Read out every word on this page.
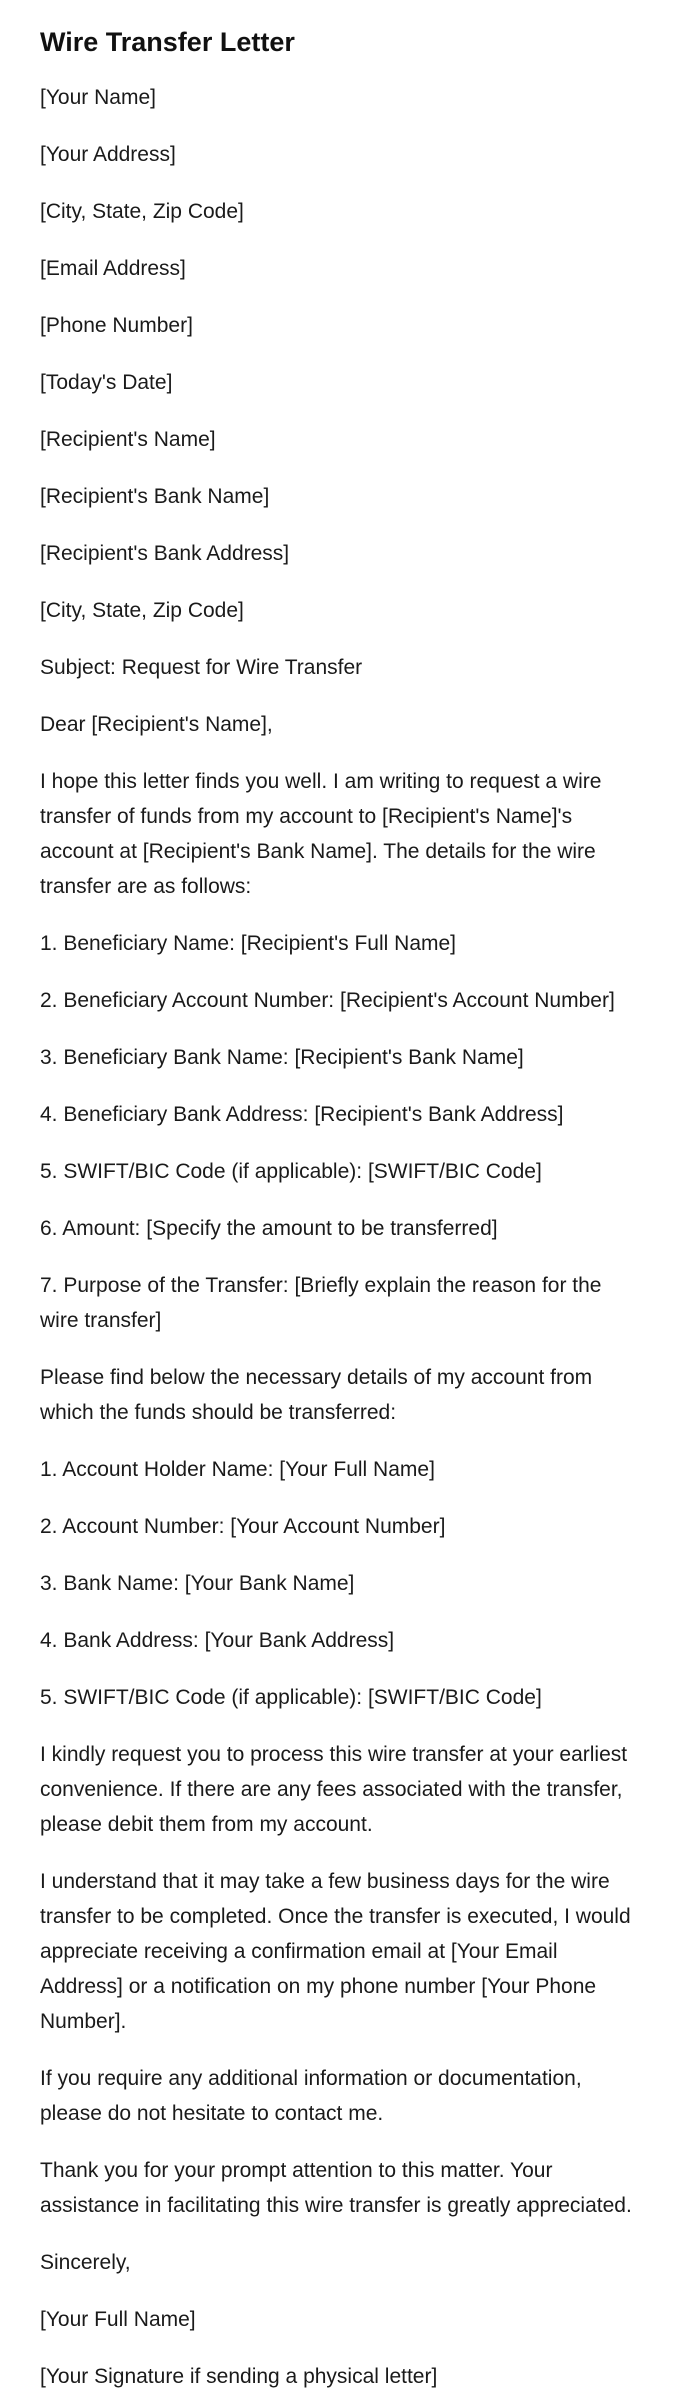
Wire Transfer Letter

[Your Name]

[Your Address]

[City, State, Zip Code]

[Email Address]

[Phone Number]

[Today's Date]

[Recipient's Name]

[Recipient's Bank Name]

[Recipient's Bank Address]

[City, State, Zip Code]

Subject: Request for Wire Transfer

Dear [Recipient's Name],

I hope this letter finds you well. I am writing to request a wire transfer of funds from my account to [Recipient's Name]'s account at [Recipient's Bank Name]. The details for the wire transfer are as follows:

1. Beneficiary Name: [Recipient's Full Name]

2. Beneficiary Account Number: [Recipient's Account Number]

3. Beneficiary Bank Name: [Recipient's Bank Name]

4. Beneficiary Bank Address: [Recipient's Bank Address]

5. SWIFT/BIC Code (if applicable): [SWIFT/BIC Code]

6. Amount: [Specify the amount to be transferred]

7. Purpose of the Transfer: [Briefly explain the reason for the wire transfer]

Please find below the necessary details of my account from which the funds should be transferred:

1. Account Holder Name: [Your Full Name]

2. Account Number: [Your Account Number]

3. Bank Name: [Your Bank Name]

4. Bank Address: [Your Bank Address]

5. SWIFT/BIC Code (if applicable): [SWIFT/BIC Code]

I kindly request you to process this wire transfer at your earliest convenience. If there are any fees associated with the transfer, please debit them from my account.

I understand that it may take a few business days for the wire transfer to be completed. Once the transfer is executed, I would appreciate receiving a confirmation email at [Your Email Address] or a notification on my phone number [Your Phone Number].

If you require any additional information or documentation, please do not hesitate to contact me.

Thank you for your prompt attention to this matter. Your assistance in facilitating this wire transfer is greatly appreciated.

Sincerely,

[Your Full Name]

[Your Signature if sending a physical letter]
